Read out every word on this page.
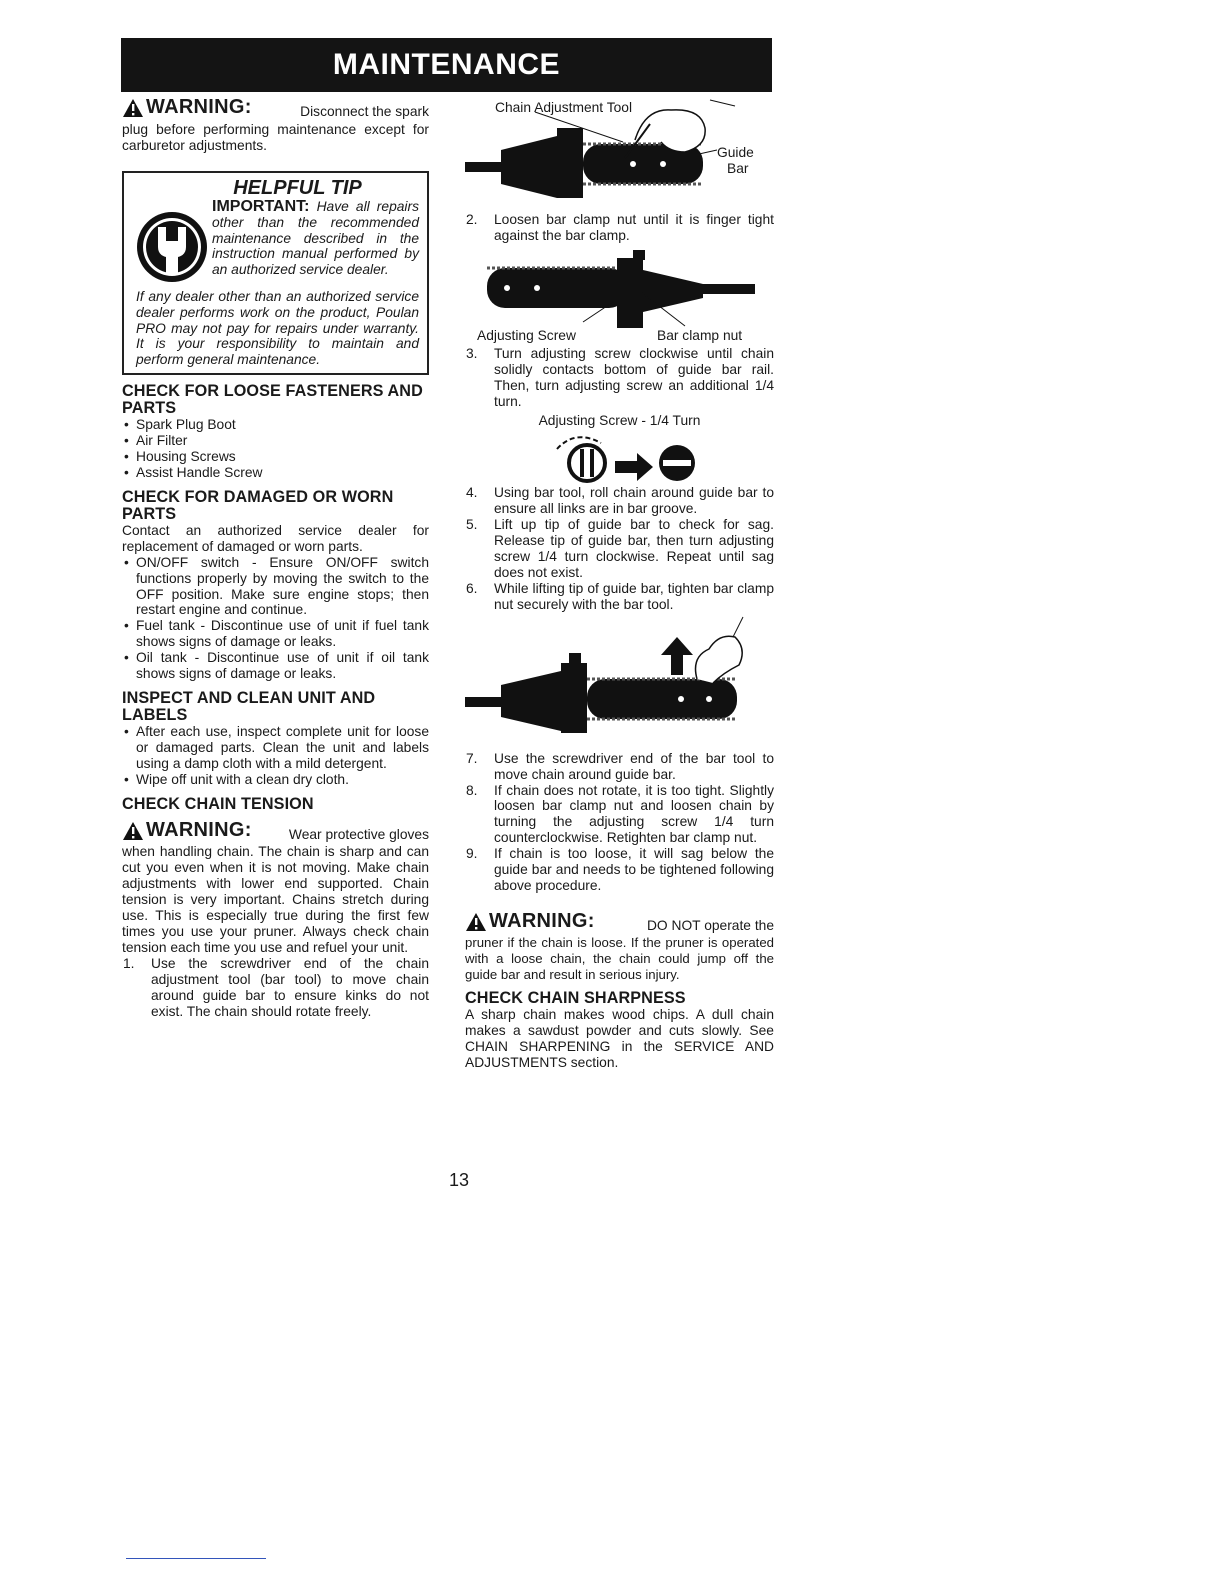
MAINTENANCE

WARNING:	Disconnect the spark

plug before performing maintenance except for carburetor adjustments.

HELPFUL TIP
IMPORTANT: Have all repairs other than the recommended maintenance described in the instruction manual performed by an authorized service dealer.
If any dealer other than an authorized service dealer performs work on the product, Poulan PRO may not pay for repairs under warranty. It is your responsibility to maintain and perform general maintenance.
CHECK FOR LOOSE FASTENERS AND PARTS
• Spark Plug Boot
• Air Filter
• Housing Screws
• Assist Handle Screw
CHECK FOR DAMAGED OR WORN PARTS

Contact an authorized service dealer for replacement of damaged or worn parts.

• ON/OFF switch - Ensure ON/OFF switch functions properly by moving the switch to the OFF position. Make sure engine stops; then restart engine and continue.
• Fuel tank - Discontinue use of unit if fuel tank shows signs of damage or leaks.
• Oil tank - Discontinue use of unit if oil tank shows signs of damage or leaks.
INSPECT AND CLEAN UNIT AND LABELS
• After each use, inspect complete unit for loose or damaged parts. Clean the unit and labels using a damp cloth with a mild detergent.
• Wipe off unit with a clean dry cloth.
CHECK CHAIN TENSION

WARNING:	Wear protective gloves

when handling chain. The chain is sharp and can cut you even when it is not moving. Make chain adjustments with lower end supported. Chain tension is very important. Chains stretch during use. This is especially true during the first few times you use your pruner. Always check chain tension each time you use and refuel your unit.

1. Use the screwdriver end of the chain adjustment tool (bar tool) to move chain around guide bar to ensure kinks do not exist. The chain should rotate freely.
Chain Adjustment Tool
Guide
Bar
2. Loosen bar clamp nut until it is finger tight against the bar clamp.
Adjusting Screw	Bar clamp nut
3. Turn adjusting screw clockwise until chain solidly contacts bottom of guide bar rail. Then, turn adjusting screw an additional 1/4 turn.
Adjusting Screw - 1/4 Turn
4. Using bar tool, roll chain around guide bar to ensure all links are in bar groove.
5. Lift up tip of guide bar to check for sag. Release tip of guide bar, then turn adjusting screw 1/4 turn clockwise. Repeat until sag does not exist.
6. While lifting tip of guide bar, tighten bar clamp nut securely with the bar tool.
7. Use the screwdriver end of the bar tool to move chain around guide bar.
8. If chain does not rotate, it is too tight. Slightly loosen bar clamp nut and loosen chain by turning the adjusting screw 1/4 turn counterclockwise. Retighten bar clamp nut.
9. If chain is too loose, it will sag below the guide bar and needs to be tightened following above procedure.

WARNING:	DO NOT operate the

pruner if the chain is loose. If the pruner is operated with a loose chain, the chain could jump off the guide bar and result in serious injury.

CHECK CHAIN SHARPNESS

A sharp chain makes wood chips. A dull chain makes a sawdust powder and cuts slowly. See CHAIN SHARPENING in the SERVICE AND ADJUSTMENTS section.

13
